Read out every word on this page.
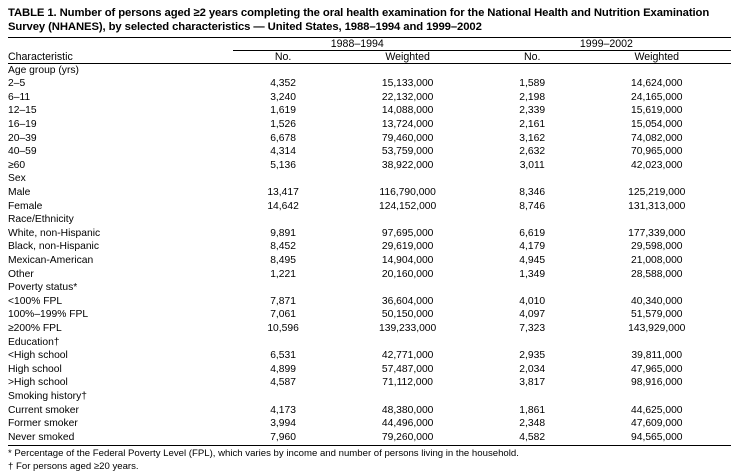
TABLE 1. Number of persons aged ≥2 years completing the oral health examination for the National Health and Nutrition Examination
Survey (NHANES), by selected characteristics — United States, 1988–1994 and 1999–2002
	1988–1994		1999–2002	
Characteristic	No.	Weighted	No.	Weighted

Age group (yrs)				
2–5	4,352	15,133,000	1,589	14,624,000
6–11	3,240	22,132,000	2,198	24,165,000
12–15	1,619	14,088,000	2,339	15,619,000
16–19	1,526	13,724,000	2,161	15,054,000
20–39	6,678	79,460,000	3,162	74,082,000
40–59	4,314	53,759,000	2,632	70,965,000
≥60	5,136	38,922,000	3,011	42,023,000
Sex				
Male	13,417	116,790,000	8,346	125,219,000
Female	14,642	124,152,000	8,746	131,313,000
Race/Ethnicity				
White, non-Hispanic	9,891	97,695,000	6,619	177,339,000
Black, non-Hispanic	8,452	29,619,000	4,179	29,598,000
Mexican-American	8,495	14,904,000	4,945	21,008,000
Other	1,221	20,160,000	1,349	28,588,000
Poverty status*				
<100% FPL	7,871	36,604,000	4,010	40,340,000
100%–199% FPL	7,061	50,150,000	4,097	51,579,000
≥200% FPL	10,596	139,233,000	7,323	143,929,000
Education†				
<High school	6,531	42,771,000	2,935	39,811,000
High school	4,899	57,487,000	2,034	47,965,000
>High school	4,587	71,112,000	3,817	98,916,000
Smoking history†				
Current smoker	4,173	48,380,000	1,861	44,625,000
Former smoker	3,994	44,496,000	2,348	47,609,000
Never smoked	7,960	79,260,000	4,582	94,565,000
* Percentage of the Federal Poverty Level (FPL), which varies by income and number of persons living in the household.
† For persons aged ≥20 years.
